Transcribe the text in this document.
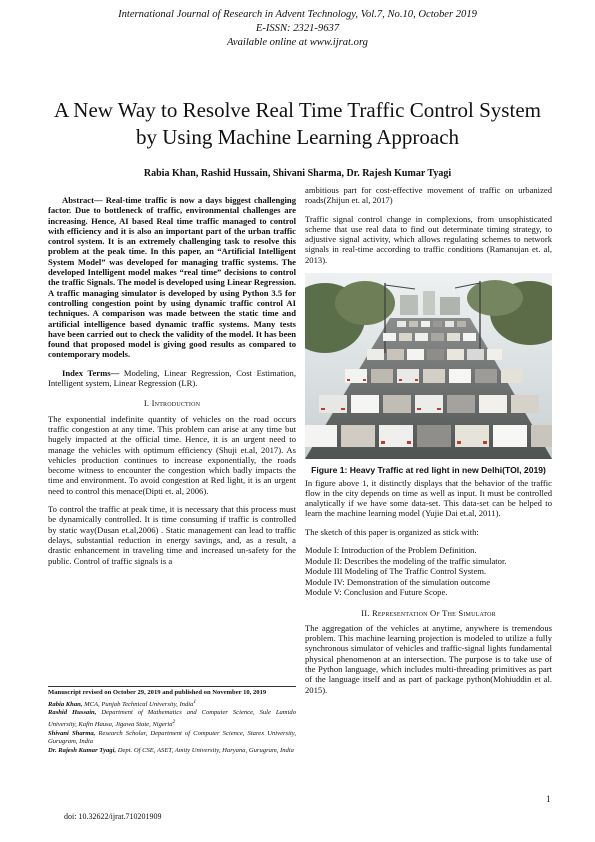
International Journal of Research in Advent Technology, Vol.7, No.10, October 2019
E-ISSN: 2321-9637
Available online at www.ijrat.org
A New Way to Resolve Real Time Traffic Control System
by Using Machine Learning Approach
Rabia Khan, Rashid Hussain, Shivani Sharma, Dr. Rajesh Kumar Tyagi

Abstract— Real-time traffic is now a days biggest challenging factor. Due to bottleneck of traffic, environmental challenges are increasing. Hence, AI based Real time traffic managed to control with efficiency and it is also an important part of the urban traffic control system. It is an extremely challenging task to resolve this problem at the peak time. In this paper, an “Artificial Intelligent System Model” was developed for managing traffic systems. The developed Intelligent model makes “real time” decisions to control the traffic Signals. The model is developed using Linear Regression. A traffic managing simulator is developed by using Python 3.5 for controlling congestion point by using dynamic traffic control AI techniques. A comparison was made between the static time and artificial intelligence based dynamic traffic systems. Many tests have been carried out to check the validity of the model. It has been found that proposed model is giving good results as compared to contemporary models.

Index Terms— Modeling, Linear Regression, Cost Estimation, Intelligent system, Linear Regression (LR).

I. Introduction

The exponential indefinite quantity of vehicles on the road occurs traffic congestion at any time. This problem can arise at any time but hugely impacted at the official time. Hence, it is an urgent need to manage the vehicles with optimum efficiency (Shuji et.al, 2017). As vehicles production continues to increase exponentially, the roads become witness to encounter the congestion which badly impacts the time and environment. To avoid congestion at Red light, it is an urgent need to control this menace(Dipti et. al, 2006).

To control the traffic at peak time, it is necessary that this process must be dynamically controlled. It is time consuming if traffic is controlled by static way(Dusan et.al,2006) . Static management can lead to traffic delays, substantial reduction in energy savings, and, as a result, a drastic enhancement in traveling time and increased un-safety for the public. Control of traffic signals is a

ambitious part for cost-effective movement of traffic on urbanized roads(Zhijun et. al, 2017)

Traffic signal control change in complexions, from unsophisticated scheme that use real data to find out determinate timing strategy, to adjustive signal activity, which allows regulating schemes to network signals in real-time according to traffic conditions (Ramanujan et. al, 2013).

Figure 1: Heavy Traffic at red light in new Delhi(TOI, 2019)

In figure above 1, it distinctly displays that the behavior of the traffic flow in the city depends on time as well as input. It must be controlled analytically if we have some data-set. This data-set can be helped to learn the machine learning model (Yujie Dai et.al, 2011).

The sketch of this paper is organized as stick with:

Module I: Introduction of the Problem Definition.
Module II: Describes the modeling of the traffic simulator.
Module III Modeling of The Traffic Control System.
Module IV: Demonstration of the simulation outcome
Module V: Conclusion and Future Scope.
II. Representation Of The Simulator

The aggregation of the vehicles at anytime, anywhere is tremendous problem. This machine learning projection is modeled to utilize a fully synchronous simulator of vehicles and traffic-signal lights fundamental physical phenomenon at an intersection. The purpose is to take use of the Python language, which includes multi-threading primitives as part of the language itself and as part of package python(Mohiuddin et al. 2015).

Manuscript revised on October 29, 2019 and published on November 10, 2019

Rabia Khan, MCA, Punjab Technical University, India$^1$

Rashid Hussain, Department of Mathematics and Computer Science, Sule Lamido University, Kafin Hausa, Jigawa State, Nigeria$^2$

Shivani Sharma, Research Scholar, Department of Computer Science, Starex University, Gurugram, India

Dr. Rajesh Kumar Tyagi, Dept. Of CSE, ASET, Amity University, Haryana, Gurugram, India

1
doi: 10.32622/ijrat.710201909
